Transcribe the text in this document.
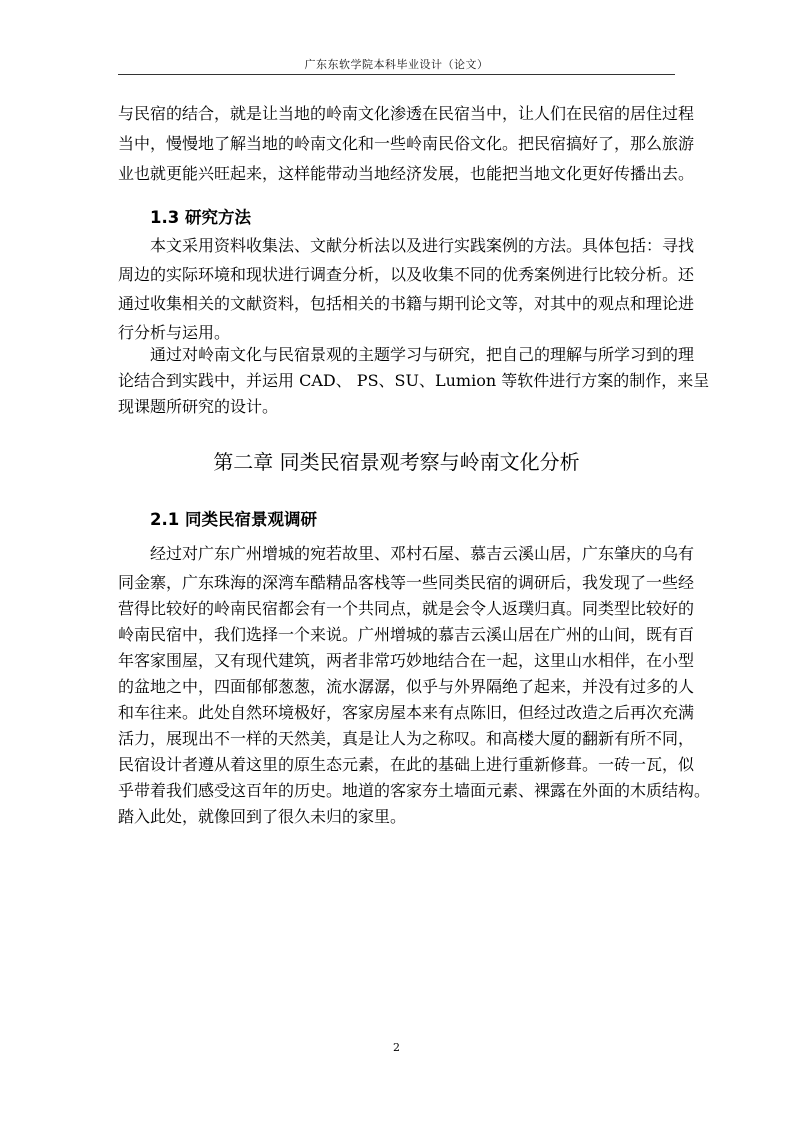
广东东软学院本科毕业设计（论文）
与民宿的结合，就是让当地的岭南文化渗透在民宿当中，让人们在民宿的居住过程
当中，慢慢地了解当地的岭南文化和一些岭南民俗文化。把民宿搞好了，那么旅游
业也就更能兴旺起来，这样能带动当地经济发展，也能把当地文化更好传播出去。
1.3 研究方法
本文采用资料收集法、文献分析法以及进行实践案例的方法。具体包括：寻找
周边的实际环境和现状进行调查分析，以及收集不同的优秀案例进行比较分析。还
通过收集相关的文献资料，包括相关的书籍与期刊论文等，对其中的观点和理论进
行分析与运用。
通过对岭南文化与民宿景观的主题学习与研究，把自己的理解与所学习到的理
论结合到实践中，并运用 CAD、 PS、SU、Lumion 等软件进行方案的制作，来呈
现课题所研究的设计。
第二章 同类民宿景观考察与岭南文化分析
2.1 同类民宿景观调研
经过对广东广州增城的宛若故里、邓村石屋、慕吉云溪山居，广东肇庆的乌有
同金寨，广东珠海的深湾车酷精品客栈等一些同类民宿的调研后，我发现了一些经
营得比较好的岭南民宿都会有一个共同点，就是会令人返璞归真。同类型比较好的
岭南民宿中，我们选择一个来说。广州增城的慕吉云溪山居在广州的山间，既有百
年客家围屋，又有现代建筑，两者非常巧妙地结合在一起，这里山水相伴，在小型
的盆地之中，四面郁郁葱葱，流水潺潺，似乎与外界隔绝了起来，并没有过多的人
和车往来。此处自然环境极好，客家房屋本来有点陈旧，但经过改造之后再次充满
活力，展现出不一样的天然美，真是让人为之称叹。和高楼大厦的翻新有所不同，
民宿设计者遵从着这里的原生态元素，在此的基础上进行重新修葺。一砖一瓦，似
乎带着我们感受这百年的历史。地道的客家夯土墙面元素、裸露在外面的木质结构。
踏入此处，就像回到了很久未归的家里。
2
